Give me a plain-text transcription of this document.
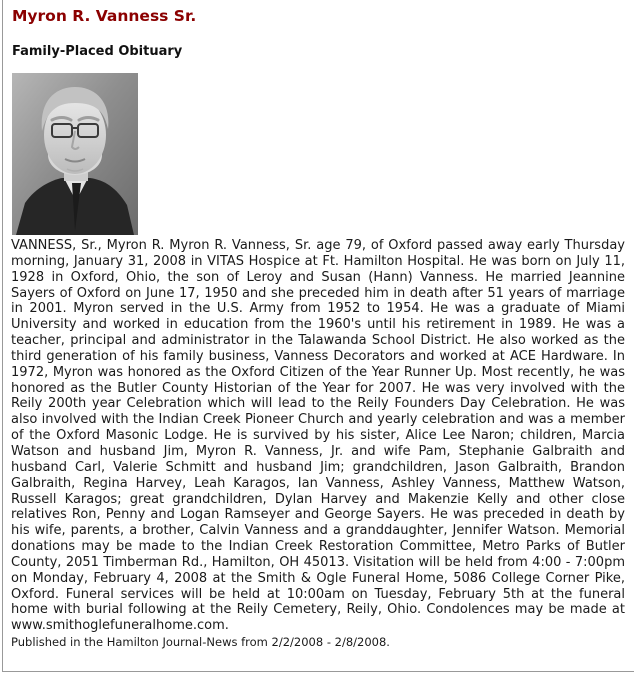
Myron R. Vanness Sr.
Family-Placed Obituary

VANNESS, Sr., Myron R. Myron R. Vanness, Sr. age 79, of Oxford passed away early Thursday morning, January 31, 2008 in VITAS Hospice at Ft. Hamilton Hospital. He was born on July 11, 1928 in Oxford, Ohio, the son of Leroy and Susan (Hann) Vanness. He married Jeannine Sayers of Oxford on June 17, 1950 and she preceded him in death after 51 years of marriage in 2001. Myron served in the U.S. Army from 1952 to 1954. He was a graduate of Miami University and worked in education from the 1960's until his retirement in 1989. He was a teacher, principal and administrator in the Talawanda School District. He also worked as the third generation of his family business, Vanness Decorators and worked at ACE Hardware. In 1972, Myron was honored as the Oxford Citizen of the Year Runner Up. Most recently, he was honored as the Butler County Historian of the Year for 2007. He was very involved with the Reily 200th year Celebration which will lead to the Reily Founders Day Celebration. He was also involved with the Indian Creek Pioneer Church and yearly celebration and was a member of the Oxford Masonic Lodge. He is survived by his sister, Alice Lee Naron; children, Marcia Watson and husband Jim, Myron R. Vanness, Jr. and wife Pam, Stephanie Galbraith and husband Carl, Valerie Schmitt and husband Jim; grandchildren, Jason Galbraith, Brandon Galbraith, Regina Harvey, Leah Karagos, Ian Vanness, Ashley Vanness, Matthew Watson, Russell Karagos; great grandchildren, Dylan Harvey and Makenzie Kelly and other close relatives Ron, Penny and Logan Ramseyer and George Sayers. He was preceded in death by his wife, parents, a brother, Calvin Vanness and a granddaughter, Jennifer Watson. Memorial donations may be made to the Indian Creek Restoration Committee, Metro Parks of Butler County, 2051 Timberman Rd., Hamilton, OH 45013. Visitation will be held from 4:00 - 7:00pm on Monday, February 4, 2008 at the Smith & Ogle Funeral Home, 5086 College Corner Pike, Oxford. Funeral services will be held at 10:00am on Tuesday, February 5th at the funeral home with burial following at the Reily Cemetery, Reily, Ohio. Condolences may be made at www.smithoglefuneralhome.com.

Published in the Hamilton Journal-News from 2/2/2008 - 2/8/2008.
